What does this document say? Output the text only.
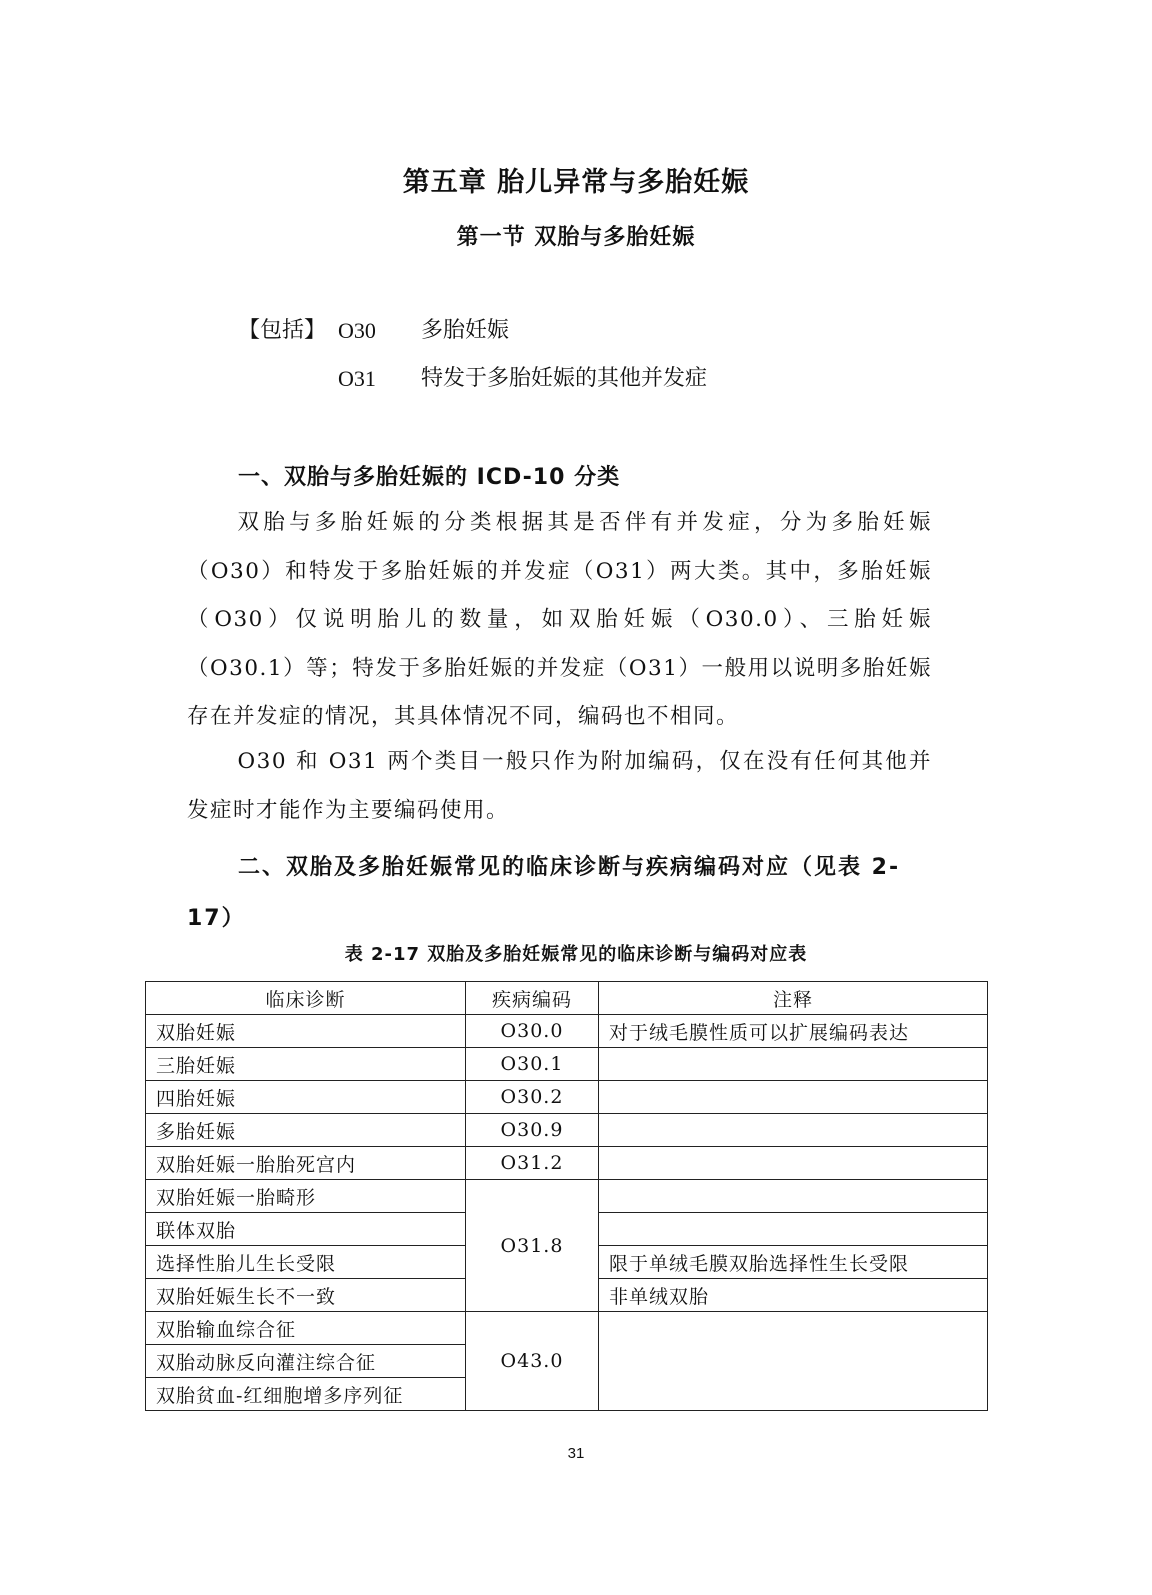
第五章 胎儿异常与多胎妊娠
第一节 双胎与多胎妊娠
【包括】 O30 多胎妊娠
O31 特发于多胎妊娠的其他并发症
一、双胎与多胎妊娠的 ICD-10 分类

双胎与多胎妊娠的分类根据其是否伴有并发症，分为多胎妊娠（O30）和特发于多胎妊娠的并发症（O31）两大类。其中，多胎妊娠（O30）仅说明胎儿的数量，如双胎妊娠（O30.0）、三胎妊娠（O30.1）等；特发于多胎妊娠的并发症（O31）一般用以说明多胎妊娠存在并发症的情况，其具体情况不同，编码也不相同。

O30 和 O31 两个类目一般只作为附加编码，仅在没有任何其他并发症时才能作为主要编码使用。

二、双胎及多胎妊娠常见的临床诊断与疾病编码对应（见表 2-17）
表 2-17 双胎及多胎妊娠常见的临床诊断与编码对应表
临床诊断	疾病编码	注释
双胎妊娠	O30.0	对于绒毛膜性质可以扩展编码表达
三胎妊娠	O30.1	
四胎妊娠	O30.2	
多胎妊娠	O30.9	
双胎妊娠一胎胎死宫内	O31.2	
双胎妊娠一胎畸形	O31.8	
联体双胎		
选择性胎儿生长受限		限于单绒毛膜双胎选择性生长受限
双胎妊娠生长不一致		非单绒双胎
双胎输血综合征	O43.0	
双胎动脉反向灌注综合征		
双胎贫血-红细胞增多序列征		
31
